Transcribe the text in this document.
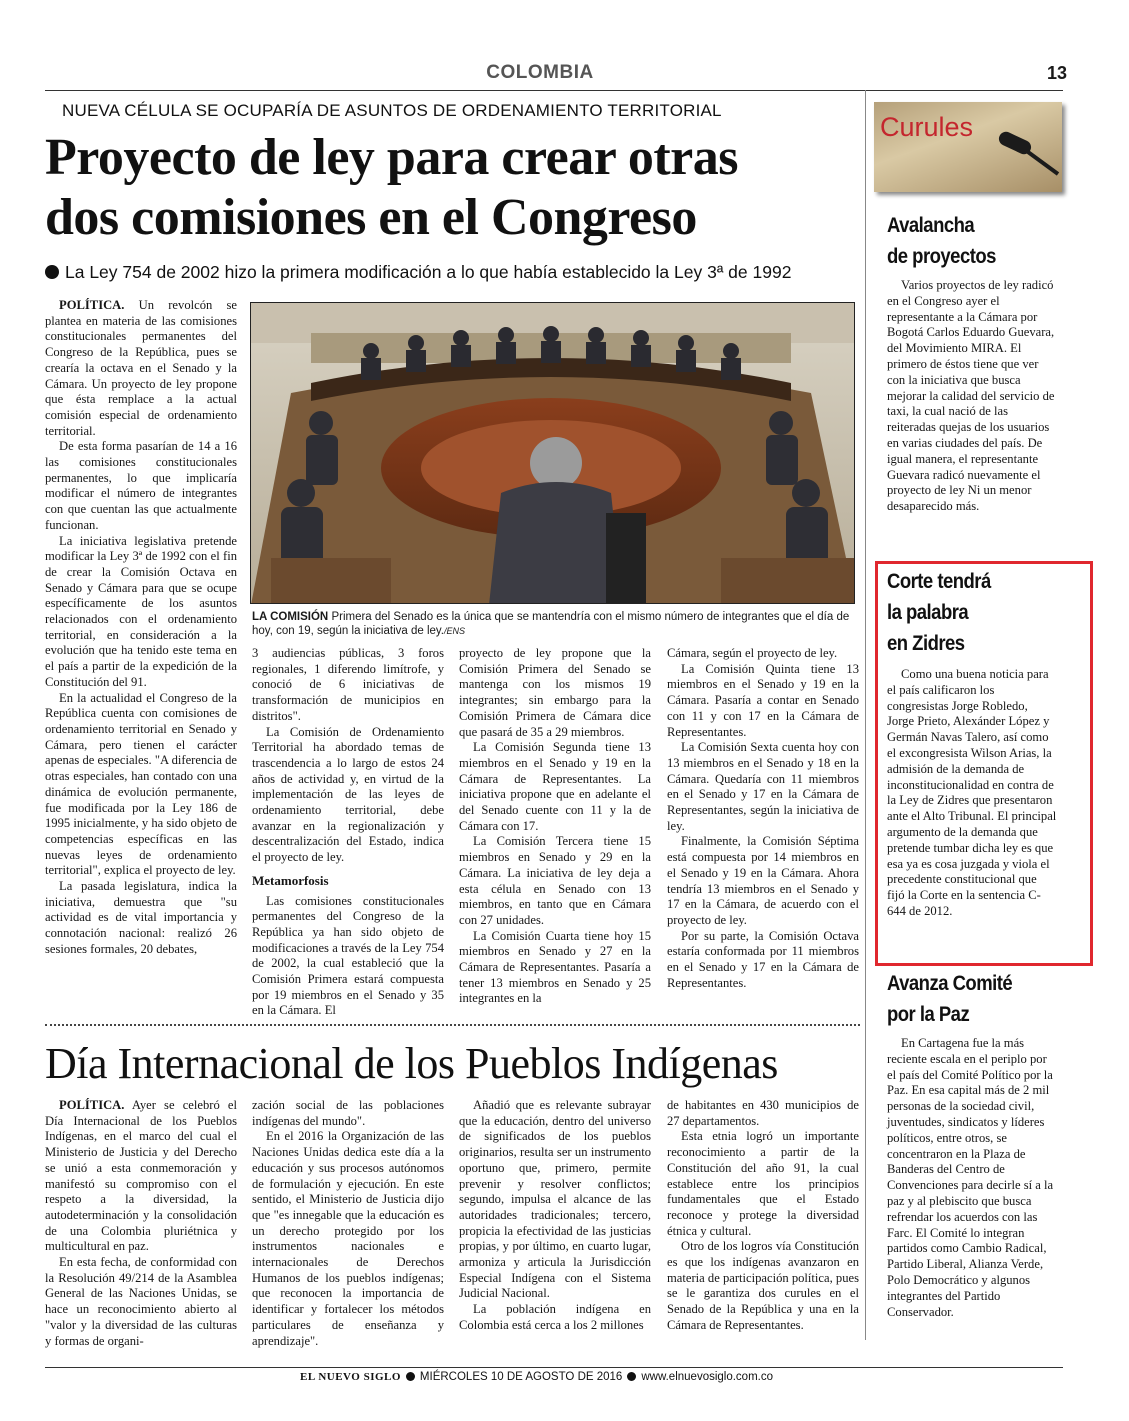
COLOMBIA	13
NUEVA CÉLULA SE OCUPARÍA DE ASUNTOS DE ORDENAMIENTO TERRITORIAL
Proyecto de ley para crear otras
dos comisiones en el Congreso
La Ley 754 de 2002 hizo la primera modificación a lo que había establecido la Ley 3ª de 1992

POLÍTICA. Un revolcón se plantea en materia de las comisiones constitucionales permanentes del Congreso de la República, pues se crearía la octava en el Senado y la Cámara. Un proyecto de ley propone que ésta remplace a la actual comisión especial de ordenamiento territorial.

De esta forma pasarían de 14 a 16 las comisiones constitucionales permanentes, lo que implicaría modificar el número de integrantes con que cuentan las que actualmente funcionan.

La iniciativa legislativa pretende modificar la Ley 3ª de 1992 con el fin de crear la Comisión Octava en Senado y Cámara para que se ocupe específicamente de los asuntos relacionados con el ordenamiento territorial, en consideración a la evolución que ha tenido este tema en el país a partir de la expedición de la Constitución del 91.

En la actualidad el Congreso de la República cuenta con comisiones de ordenamiento territorial en Senado y Cámara, pero tienen el carácter apenas de especiales. "A diferencia de otras especiales, han contado con una dinámica de evolución permanente, fue modificada por la Ley 186 de 1995 inicialmente, y ha sido objeto de competencias específicas en las nuevas leyes de ordenamiento territorial", explica el proyecto de ley.

La pasada legislatura, indica la iniciativa, demuestra que "su actividad es de vital importancia y connotación nacional: realizó 26 sesiones formales, 20 debates,

LA COMISIÓN Primera del Senado es la única que se mantendría con el mismo número de integrantes que el día de hoy, con 19, según la iniciativa de ley./ENS

3 audiencias públicas, 3 foros regionales, 1 diferendo limítrofe, y conoció de 6 iniciativas de transformación de municipios en distritos".

La Comisión de Ordenamiento Territorial ha abordado temas de trascendencia a lo largo de estos 24 años de actividad y, en virtud de la implementación de las leyes de ordenamiento territorial, debe avanzar en la regionalización y descentralización del Estado, indica el proyecto de ley.

Metamorfosis

Las comisiones constitucionales permanentes del Congreso de la República ya han sido objeto de modificaciones a través de la Ley 754 de 2002, la cual estableció que la Comisión Primera estará compuesta por 19 miembros en el Senado y 35 en la Cámara. El

proyecto de ley propone que la Comisión Primera del Senado se mantenga con los mismos 19 integrantes; sin embargo para la Comisión Primera de Cámara dice que pasará de 35 a 29 miembros.

La Comisión Segunda tiene 13 miembros en el Senado y 19 en la Cámara de Representantes. La iniciativa propone que en adelante el del Senado cuente con 11 y la de Cámara con 17.

La Comisión Tercera tiene 15 miembros en Senado y 29 en la Cámara. La iniciativa de ley deja a esta célula en Senado con 13 miembros, en tanto que en Cámara con 27 unidades.

La Comisión Cuarta tiene hoy 15 miembros en Senado y 27 en la Cámara de Representantes. Pasaría a tener 13 miembros en Senado y 25 integrantes en la

Cámara, según el proyecto de ley.

La Comisión Quinta tiene 13 miembros en el Senado y 19 en la Cámara. Pasaría a contar en Senado con 11 y con 17 en la Cámara de Representantes.

La Comisión Sexta cuenta hoy con 13 miembros en el Senado y 18 en la Cámara. Quedaría con 11 miembros en el Senado y 17 en la Cámara de Representantes, según la iniciativa de ley.

Finalmente, la Comisión Séptima está compuesta por 14 miembros en el Senado y 19 en la Cámara. Ahora tendría 13 miembros en el Senado y 17 en la Cámara, de acuerdo con el proyecto de ley.

Por su parte, la Comisión Octava estaría conformada por 11 miembros en el Senado y 17 en la Cámara de Representantes.

Día Internacional de los Pueblos Indígenas

POLÍTICA. Ayer se celebró el Día Internacional de los Pueblos Indígenas, en el marco del cual el Ministerio de Justicia y del Derecho se unió a esta conmemoración y manifestó su compromiso con el respeto a la diversidad, la autodeterminación y la consolidación de una Colombia pluriétnica y multicultural en paz.

En esta fecha, de conformidad con la Resolución 49/214 de la Asamblea General de las Naciones Unidas, se hace un reconocimiento abierto al "valor y la diversidad de las culturas y formas de organi-

zación social de las poblaciones indígenas del mundo".

En el 2016 la Organización de las Naciones Unidas dedica este día a la educación y sus procesos autónomos de formulación y ejecución. En este sentido, el Ministerio de Justicia dijo que "es innegable que la educación es un derecho protegido por los instrumentos nacionales e internacionales de Derechos Humanos de los pueblos indígenas; que reconocen la importancia de identificar y fortalecer los métodos particulares de enseñanza y aprendizaje".

Añadió que es relevante subrayar que la educación, dentro del universo de significados de los pueblos originarios, resulta ser un instrumento oportuno que, primero, permite prevenir y resolver conflictos; segundo, impulsa el alcance de las autoridades tradicionales; tercero, propicia la efectividad de las justicias propias, y por último, en cuarto lugar, armoniza y articula la Jurisdicción Especial Indígena con el Sistema Judicial Nacional.

La población indígena en Colombia está cerca a los 2 millones

de habitantes en 430 municipios de 27 departamentos.

Esta etnia logró un importante reconocimiento a partir de la Constitución del año 91, la cual establece entre los principios fundamentales que el Estado reconoce y protege la diversidad étnica y cultural.

Otro de los logros vía Constitución es que los indígenas avanzaron en materia de participación política, pues se le garantiza dos curules en el Senado de la República y una en la Cámara de Representantes.

Curules
Avalancha
de proyectos
Varios proyectos de ley radicó en el Congreso ayer el representante a la Cámara por Bogotá Carlos Eduardo Guevara, del Movimiento MIRA. El primero de éstos tiene que ver con la iniciativa que busca mejorar la calidad del servicio de taxi, la cual nació de las reiteradas quejas de los usuarios en varias ciudades del país. De igual manera, el representante Guevara radicó nuevamente el proyecto de ley Ni un menor desaparecido más.
Corte tendrá
la palabra
en Zidres
Como una buena noticia para el país calificaron los congresistas Jorge Robledo, Jorge Prieto, Alexánder López y Germán Navas Talero, así como el excongresista Wilson Arias, la admisión de la demanda de inconstitucionalidad en contra de la Ley de Zidres que presentaron ante el Alto Tribunal. El principal argumento de la demanda que pretende tumbar dicha ley es que esa ya es cosa juzgada y viola el precedente constitucional que fijó la Corte en la sentencia C-644 de 2012.
Avanza Comité
por la Paz
En Cartagena fue la más reciente escala en el periplo por el país del Comité Político por la Paz. En esa capital más de 2 mil personas de la sociedad civil, juventudes, sindicatos y líderes políticos, entre otros, se concentraron en la Plaza de Banderas del Centro de Convenciones para decirle sí a la paz y al plebiscito que busca refrendar los acuerdos con las Farc. El Comité lo integran partidos como Cambio Radical, Partido Liberal, Alianza Verde, Polo Democrático y algunos integrantes del Partido Conservador.
EL NUEVO SIGLO MIÉRCOLES 10 DE AGOSTO DE 2016 www.elnuevosiglo.com.co
